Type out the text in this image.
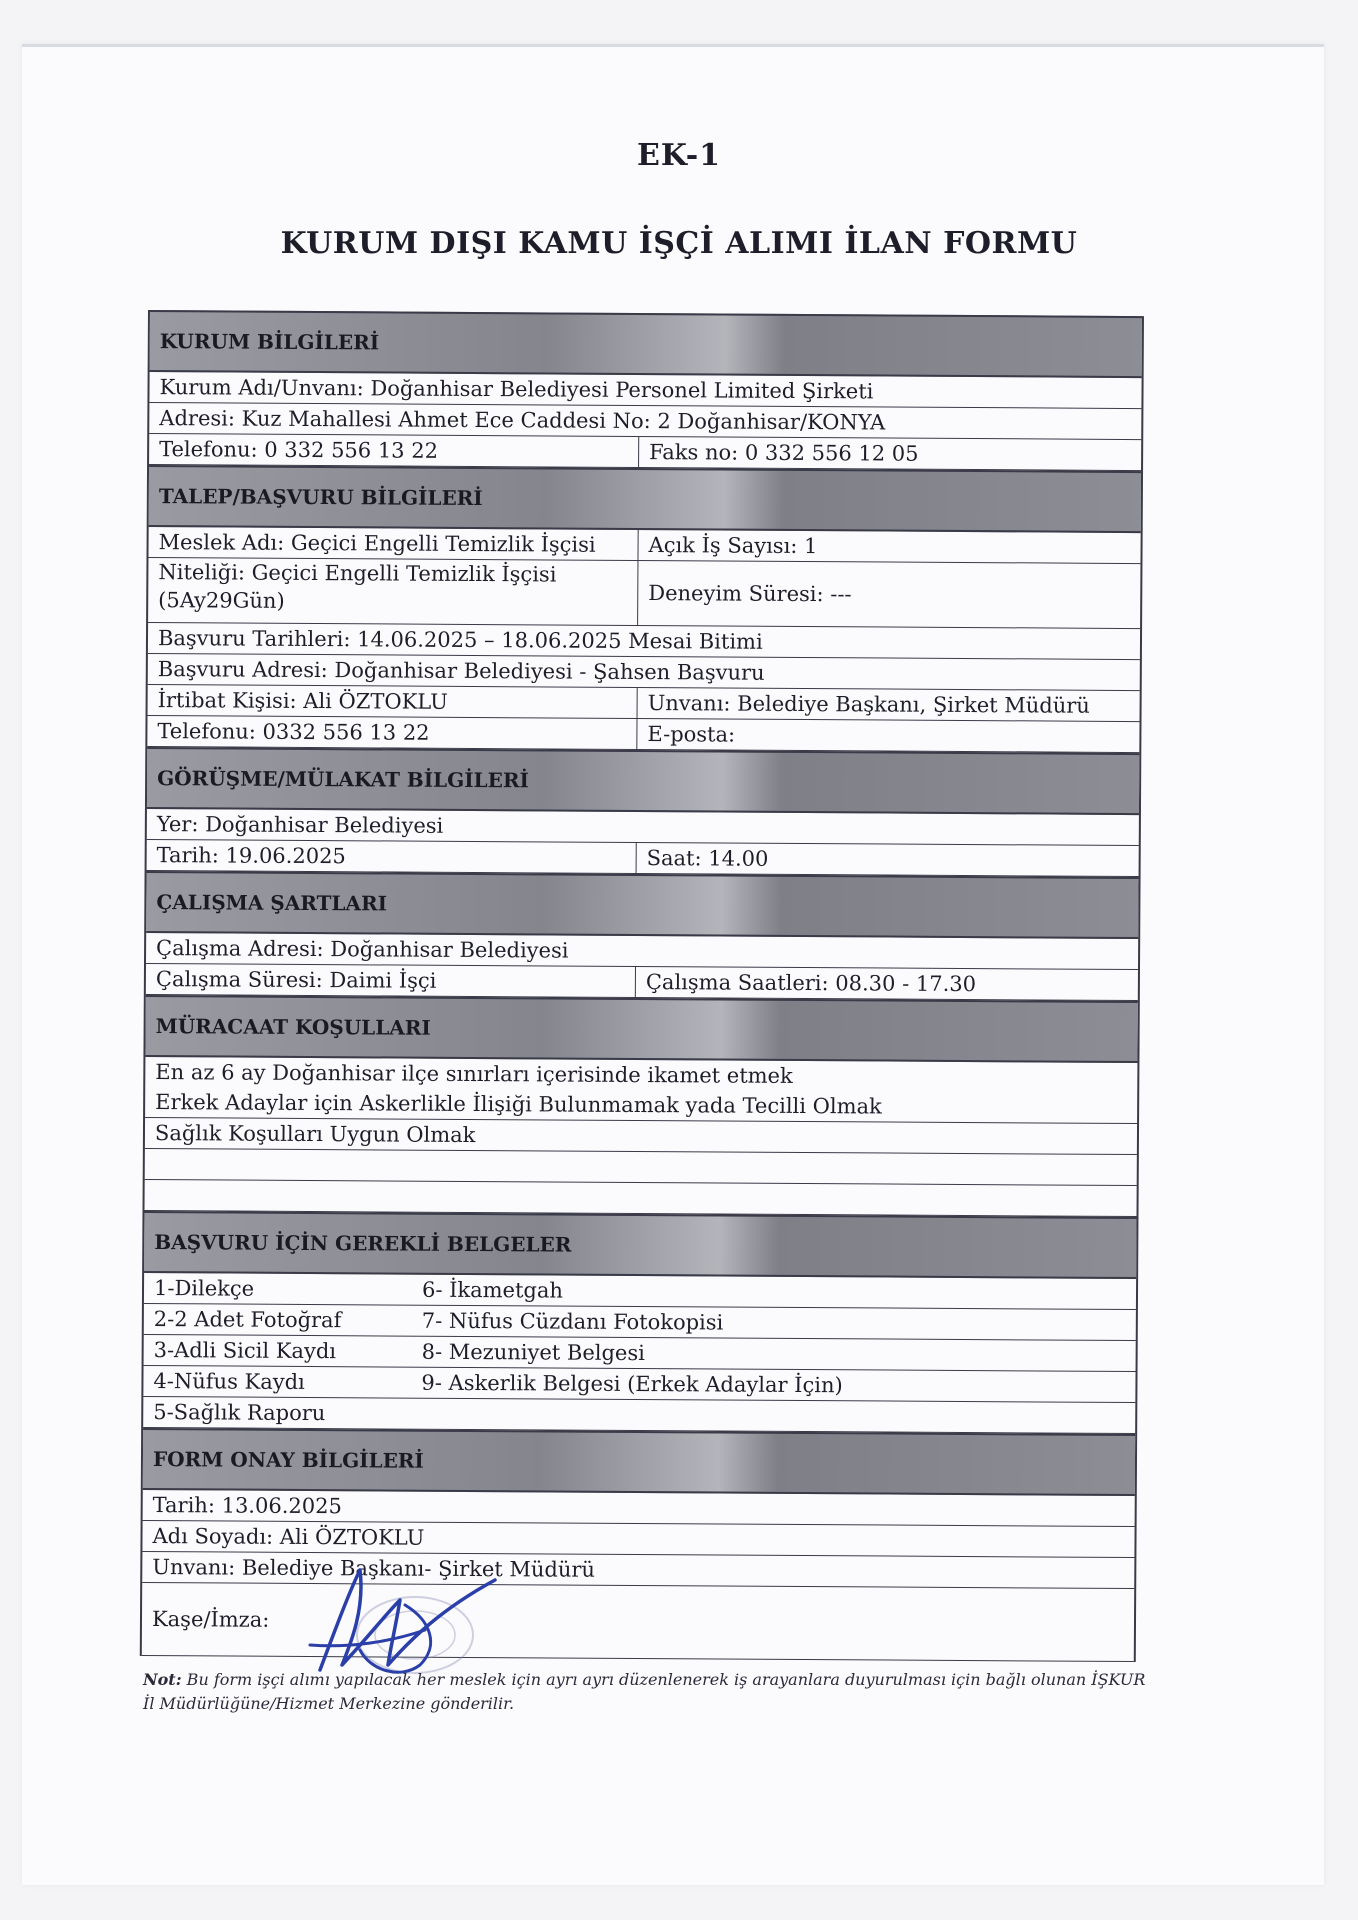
EK-1
KURUM DIŞI KAMU İŞÇİ ALIMI İLAN FORMU
KURUM BİLGİLERİ
Kurum Adı/Unvanı: Doğanhisar Belediyesi Personel Limited Şirketi
Adresi: Kuz Mahallesi Ahmet Ece Caddesi No: 2 Doğanhisar/KONYA
Telefonu: 0 332 556 13 22	Faks no: 0 332 556 12 05
TALEP/BAŞVURU BİLGİLERİ
Meslek Adı: Geçici Engelli Temizlik İşçisi	Açık İş Sayısı: 1
Niteliği: Geçici Engelli Temizlik İşçisi
(5Ay29Gün)	Deneyim Süresi: ---
Başvuru Tarihleri: 14.06.2025 – 18.06.2025 Mesai Bitimi
Başvuru Adresi: Doğanhisar Belediyesi - Şahsen Başvuru
İrtibat Kişisi: Ali ÖZTOKLU	Unvanı: Belediye Başkanı, Şirket Müdürü
Telefonu: 0332 556 13 22	E-posta:
GÖRÜŞME/MÜLAKAT BİLGİLERİ
Yer: Doğanhisar Belediyesi
Tarih: 19.06.2025	Saat: 14.00
ÇALIŞMA ŞARTLARI
Çalışma Adresi: Doğanhisar Belediyesi
Çalışma Süresi: Daimi İşçi	Çalışma Saatleri: 08.30 - 17.30
MÜRACAAT KOŞULLARI
En az 6 ay Doğanhisar ilçe sınırları içerisinde ikamet etmek
Erkek Adaylar için Askerlikle İlişiği Bulunmamak yada Tecilli Olmak
Sağlık Koşulları Uygun Olmak
BAŞVURU İÇİN GEREKLİ BELGELER
1-Dilekçe	6- İkametgah
2-2 Adet Fotoğraf	7- Nüfus Cüzdanı Fotokopisi
3-Adli Sicil Kaydı	8- Mezuniyet Belgesi
4-Nüfus Kaydı	9- Askerlik Belgesi (Erkek Adaylar İçin)
5-Sağlık Raporu
FORM ONAY BİLGİLERİ
Tarih: 13.06.2025
Adı Soyadı: Ali ÖZTOKLU
Unvanı: Belediye Başkanı- Şirket Müdürü
Kaşe/İmza:
Not: Bu form işçi alımı yapılacak her meslek için ayrı ayrı düzenlenerek iş arayanlara duyurulması için bağlı olunan İŞKUR İl Müdürlüğüne/Hizmet Merkezine gönderilir.
